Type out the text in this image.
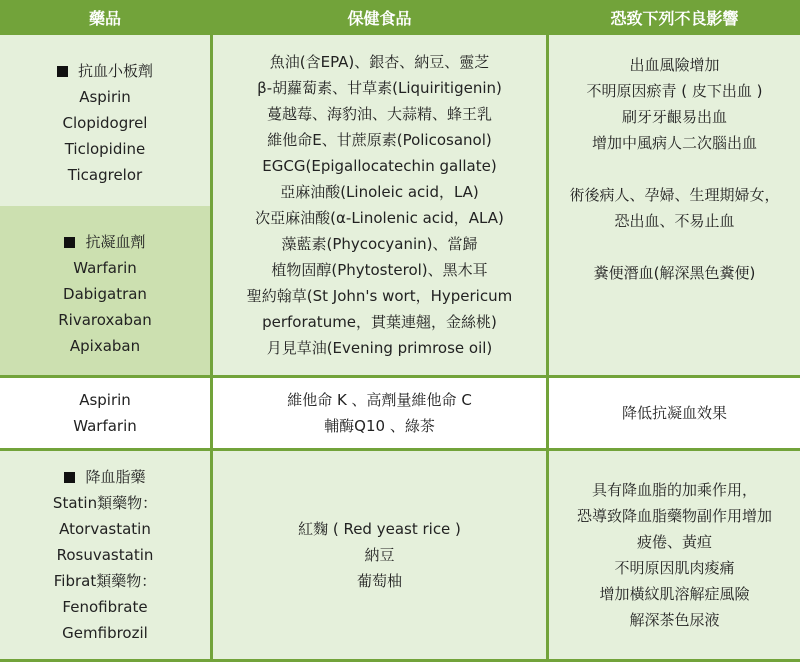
藥品	保健食品	恐致下列不良影響
抗血小板劑
Aspirin
Clopidogrel
Ticlopidine
Ticagrelor
抗凝血劑
Warfarin
Dabigatran
Rivaroxaban
Apixaban
魚油(含EPA)、銀杏、納豆、靈芝
β-胡蘿蔔素、甘草素(Liquiritigenin)
蔓越莓、海豹油、大蒜精、蜂王乳
維他命E、甘蔗原素(Policosanol)
EGCG(Epigallocatechin gallate)
亞麻油酸(Linoleic acid，LA)
次亞麻油酸(α-Linolenic acid，ALA)
藻藍素(Phycocyanin)、當歸
植物固醇(Phytosterol)、黑木耳
聖約翰草(St John's wort，Hypericum
perforatume，貫葉連翹，金絲桃)
月見草油(Evening primrose oil)
出血風險增加
不明原因瘀青 ( 皮下出血 )
刷牙牙齦易出血
增加中風病人二次腦出血
術後病人、孕婦、生理期婦女，
恐出血、不易止血
糞便潛血(解深黑色糞便)
Aspirin
Warfarin
維他命 K 、高劑量維他命 C
輔酶Q10 、綠茶
降低抗凝血效果
降血脂藥
Statin類藥物：
Atorvastatin
Rosuvastatin
Fibrat類藥物：
Fenofibrate
Gemfibrozil
紅麴 ( Red yeast rice )
納豆
葡萄柚
具有降血脂的加乘作用，
恐導致降血脂藥物副作用增加
疲倦、黃疸
不明原因肌肉痠痛
增加橫紋肌溶解症風險
解深茶色尿液
